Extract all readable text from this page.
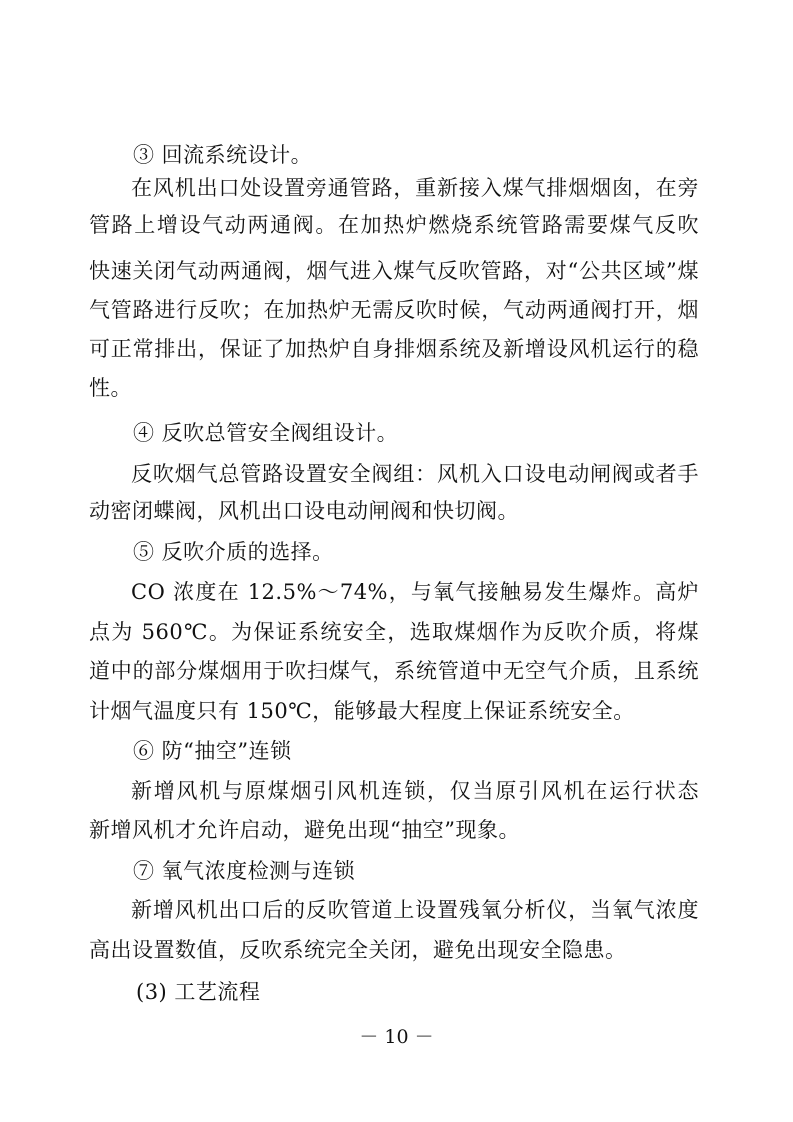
③ 回流系统设计。
在风机出口处设置旁通管路，重新接入煤气排烟烟囱，在旁
管路上增设气动两通阀。在加热炉燃烧系统管路需要煤气反吹
快速关闭气动两通阀，烟气进入煤气反吹管路，对“公共区域”煤
气管路进行反吹；在加热炉无需反吹时候，气动两通阀打开，烟
可正常排出，保证了加热炉自身排烟系统及新增设风机运行的稳
性。
④ 反吹总管安全阀组设计。
反吹烟气总管路设置安全阀组：风机入口设电动闸阀或者手
动密闭蝶阀，风机出口设电动闸阀和快切阀。
⑤ 反吹介质的选择。
CO 浓度在 12.5%～74%，与氧气接触易发生爆炸。高炉
点为 560℃。为保证系统安全，选取煤烟作为反吹介质，将煤
道中的部分煤烟用于吹扫煤气，系统管道中无空气介质，且系统
计烟气温度只有 150℃，能够最大程度上保证系统安全。
⑥ 防“抽空”连锁
新增风机与原煤烟引风机连锁，仅当原引风机在运行状态
新增风机才允许启动，避免出现“抽空”现象。
⑦ 氧气浓度检测与连锁
新增风机出口后的反吹管道上设置残氧分析仪，当氧气浓度
高出设置数值，反吹系统完全关闭，避免出现安全隐患。
(3) 工艺流程
－ 10 －
